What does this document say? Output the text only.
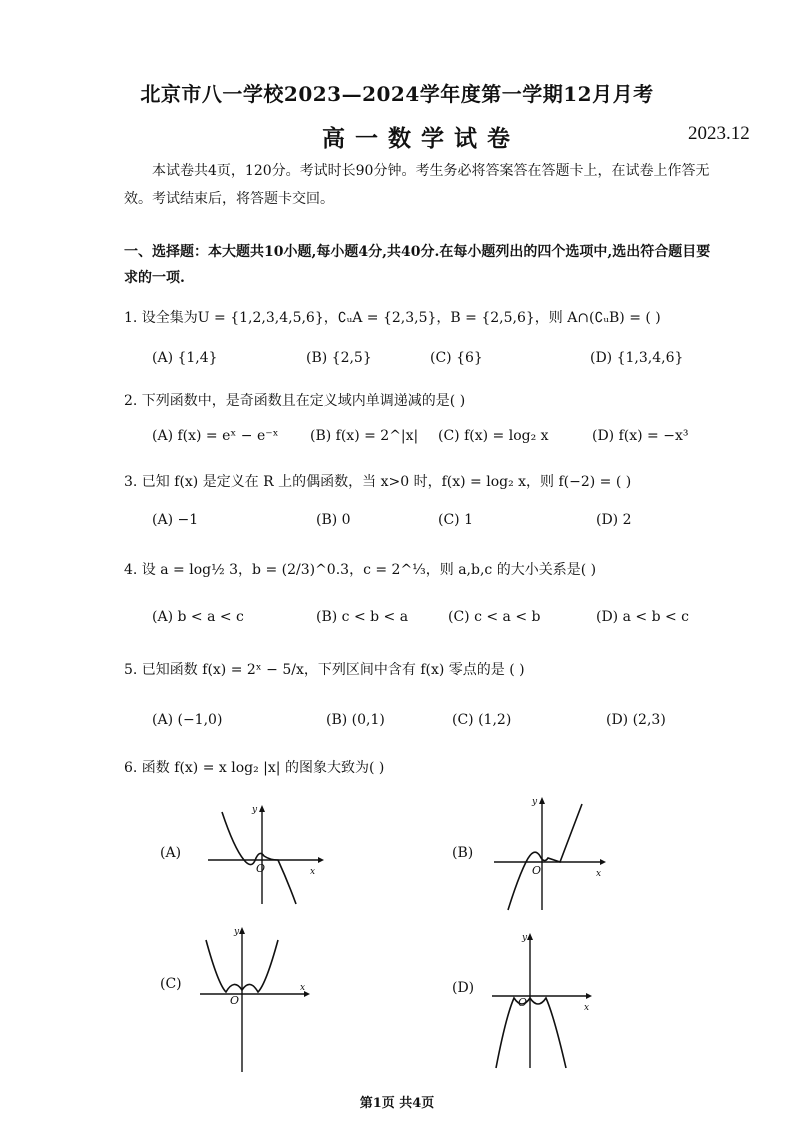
北京市八一学校2023—2024学年度第一学期12月月考
高一数学试卷	2023.12

本试卷共4页，120分。考试时长90分钟。考生务必将答案答在答题卡上，在试卷上作答无

效。考试结束后，将答题卡交回。

一、选择题：本大题共10小题,每小题4分,共40分.在每小题列出的四个选项中,选出符合题目要
求的一项.
1. 设全集为U = {1,2,3,4,5,6}，∁ᵤA = {2,3,5}，B = {2,5,6}，则 A∩(∁ᵤB) = ( )
(A) {1,4}	(B) {2,5}	(C) {6}	(D) {1,3,4,6}
2. 下列函数中，是奇函数且在定义域内单调递减的是( )
(A) f(x) = eˣ − e⁻ˣ (B) f(x) = 2^|x| (C) f(x) = log₂ x	(D) f(x) = −x³
3. 已知 f(x) 是定义在 R 上的偶函数，当 x>0 时，f(x) = log₂ x，则 f(−2) = ( )
(A) −1	(B) 0	(C) 1	(D) 2
4. 设 a = log½ 3，b = (2/3)^0.3，c = 2^⅓，则 a,b,c 的大小关系是( )
(A) b < a < c	(B) c < b < a	(C) c < a < b	(D) a < b < c
5. 已知函数 f(x) = 2ˣ − 5/x，下列区间中含有 f(x) 零点的是 ( )
(A) (−1,0)	(B) (0,1)	(C) (1,2)	(D) (2,3)
6. 函数 f(x) = x log₂ |x| 的图象大致为( )
(A)	(B)
(C)	(D)
y
x
O
y
x
O
y
x
O
y
x
O
第1页 共4页
